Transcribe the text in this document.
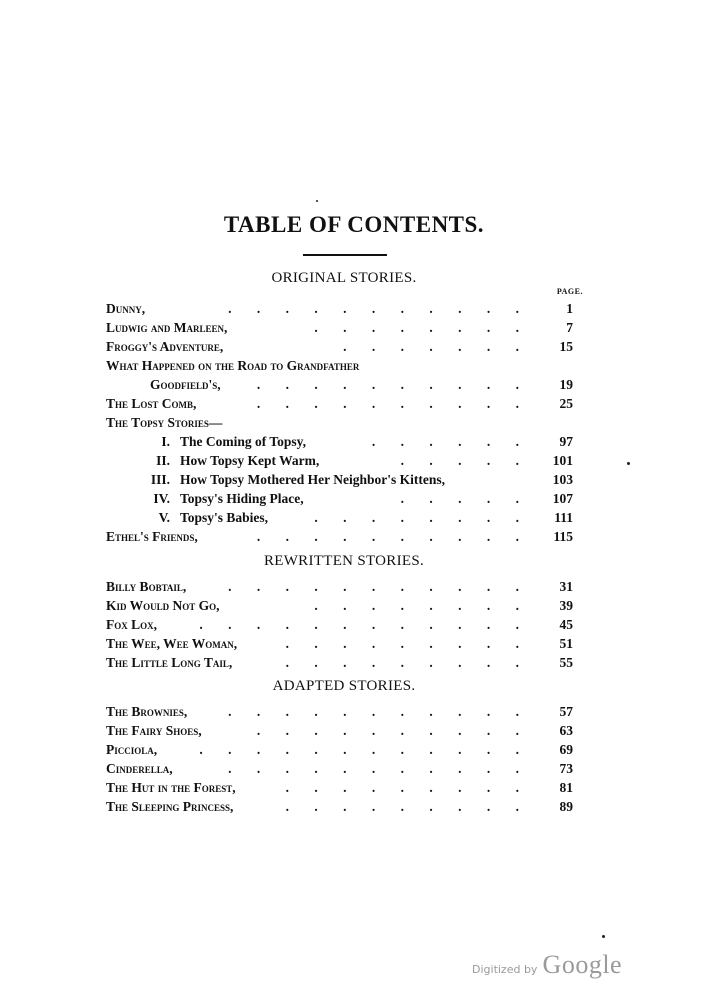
TABLE OF CONTENTS.
ORIGINAL STORIES.
PAGE.
Dunny,	. . . . . . . . . . .	1
Ludwig and Marleen,	. . . . . . . .	7
Froggy's Adventure,	. . . . . . .	15
What Happened on the Road to Grandfather
Goodfield's,	. . . . . . . . . .	19
The Lost Comb,	. . . . . . . . . .	25
The Topsy Stories—
I. The Coming of Topsy,	. . . . . .	97
II. How Topsy Kept Warm,	. . . . .	101
III. How Topsy Mothered Her Neighbor's Kittens,	103
IV. Topsy's Hiding Place,	. . . . .	107
V. Topsy's Babies,	. . . . . . . .	111
Ethel's Friends,	. . . . . . . . . .	115
REWRITTEN STORIES.
Billy Bobtail,	. . . . . . . . . . .	31
Kid Would Not Go,	. . . . . . . .	39
Fox Lox,	. . . . . . . . . . . .	45
The Wee, Wee Woman,	. . . . . . . . .	51
The Little Long Tail,	. . . . . . . . .	55
ADAPTED STORIES.
The Brownies,	. . . . . . . . . . .	57
The Fairy Shoes,	. . . . . . . . . .	63
Picciola,	. . . . . . . . . . . .	69
Cinderella,	. . . . . . . . . . .	73
The Hut in the Forest,	. . . . . . . . .	81
The Sleeping Princess,	. . . . . . . . .	89
Digitized by Google
